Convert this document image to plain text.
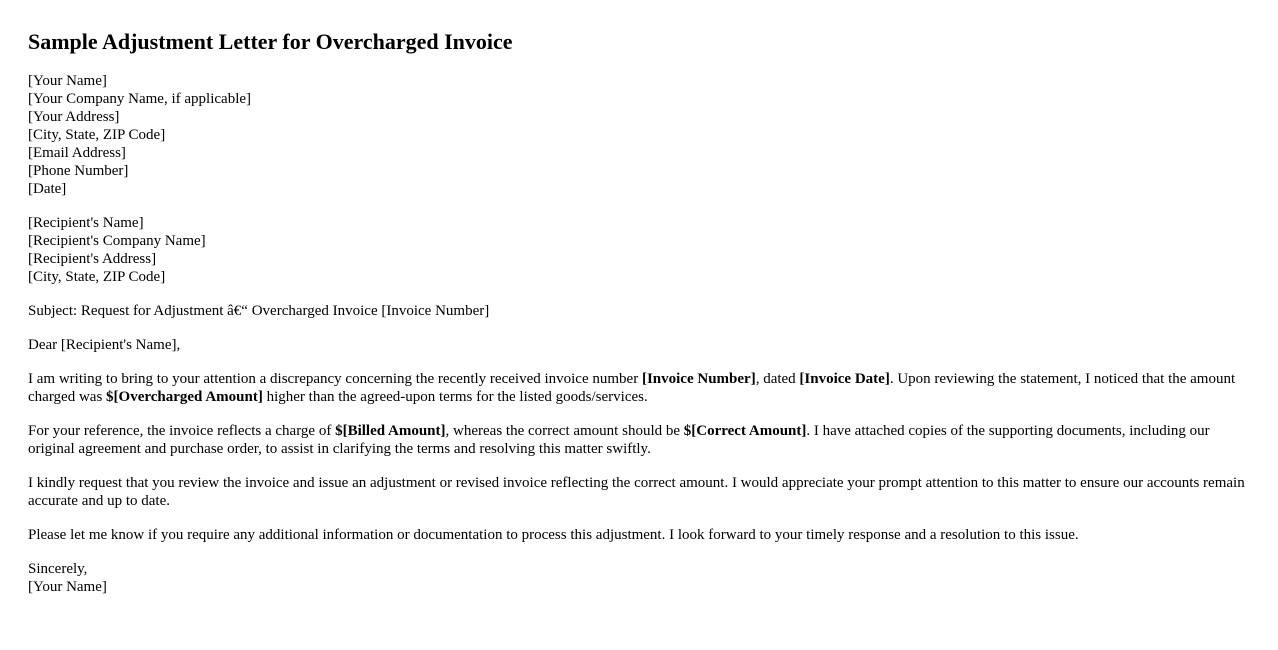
Sample Adjustment Letter for Overcharged Invoice
[Your Name]
[Your Company Name, if applicable]
[Your Address]
[City, State, ZIP Code]
[Email Address]
[Phone Number]
[Date]
[Recipient's Name]
[Recipient's Company Name]
[Recipient's Address]
[City, State, ZIP Code]

Subject: Request for Adjustment â€“ Overcharged Invoice [Invoice Number]

Dear [Recipient's Name],

I am writing to bring to your attention a discrepancy concerning the recently received invoice number [Invoice Number], dated [Invoice Date]. Upon reviewing the statement, I noticed that the amount charged was $[Overcharged Amount] higher than the agreed-upon terms for the listed goods/services.

For your reference, the invoice reflects a charge of $[Billed Amount], whereas the correct amount should be $[Correct Amount]. I have attached copies of the supporting documents, including our original agreement and purchase order, to assist in clarifying the terms and resolving this matter swiftly.

I kindly request that you review the invoice and issue an adjustment or revised invoice reflecting the correct amount. I would appreciate your prompt attention to this matter to ensure our accounts remain accurate and up to date.

Please let me know if you require any additional information or documentation to process this adjustment. I look forward to your timely response and a resolution to this issue.

Sincerely,
[Your Name]
